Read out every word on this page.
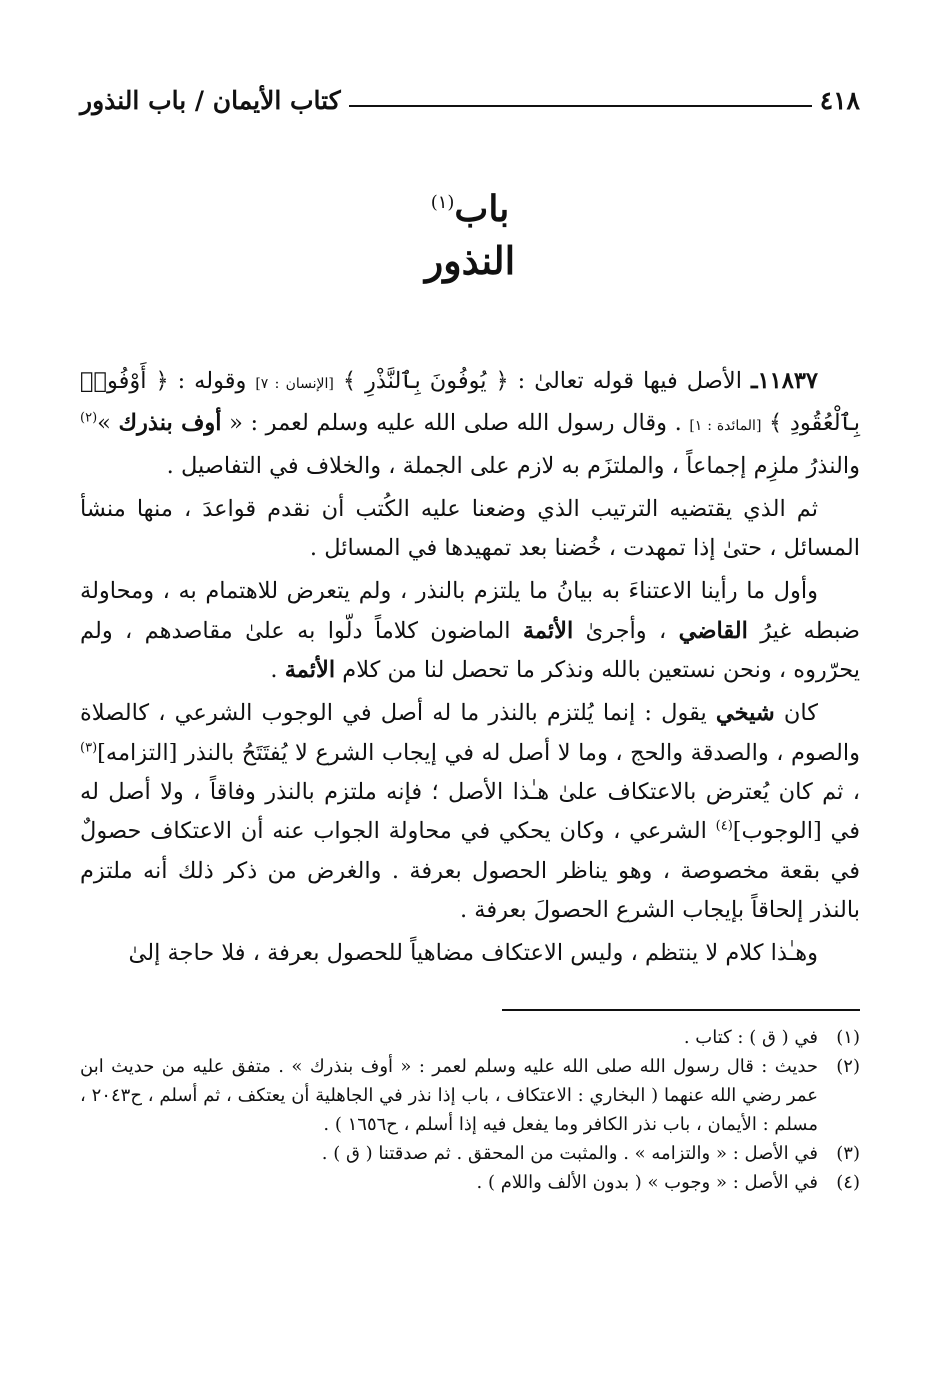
٤١٨
كتاب الأيمان / باب النذور
باب$^{(١)}$
النذور

١١٨٣٧ـ الأصل فيها قوله تعالىٰ : ﴿ يُوفُونَ بِٱلنَّذْرِ ﴾ [الإنسان : ٧] وقوله : ﴿ أَوْفُوا۟ بِٱلْعُقُودِ ﴾ [المائدة : ١] . وقال رسول الله صلى الله عليه وسلم لعمر : « أوف بنذرك »$^{(٢)}$ والنذرُ ملزِم إجماعاً ، والملتزَم به لازم على الجملة ، والخلاف في التفاصيل .

ثم الذي يقتضيه الترتيب الذي وضعنا عليه الكُتب أن نقدم قواعدَ ، منها منشأ المسائل ، حتىٰ إذا تمهدت ، خُضنا بعد تمهيدها في المسائل .

وأول ما رأينا الاعتناءَ به بيانُ ما يلتزم بالنذر ، ولم يتعرض للاهتمام به ، ومحاولة ضبطه غيرُ القاضي ، وأجرىٰ الأئمة الماضون كلاماً دلّوا به علىٰ مقاصدهم ، ولم يحرّروه ، ونحن نستعين بالله ونذكر ما تحصل لنا من كلام الأئمة .

كان شيخي يقول : إنما يُلتزم بالنذر ما له أصل في الوجوب الشرعي ، كالصلاة والصوم ، والصدقة والحج ، وما لا أصل له في إيجاب الشرع لا يُفتَتَحُ بالنذر [التزامه]$^{(٣)}$ ، ثم كان يُعترض بالاعتكاف علىٰ هـٰذا الأصل ؛ فإنه ملتزم بالنذر وفاقاً ، ولا أصل له في [الوجوب]$^{(٤)}$ الشرعي ، وكان يحكي في محاولة الجواب عنه أن الاعتكاف حصولٌ في بقعة مخصوصة ، وهو يناظر الحصول بعرفة . والغرض من ذكر ذلك أنه ملتزم بالنذر إلحاقاً بإيجاب الشرع الحصولَ بعرفة .

وهـٰذا كلام لا ينتظم ، وليس الاعتكاف مضاهياً للحصول بعرفة ، فلا حاجة إلىٰ

(١)
في ( ق ) : كتاب .
(٢)
حديث : قال رسول الله صلى الله عليه وسلم لعمر : « أوف بنذرك » . متفق عليه من حديث ابن عمر رضي الله عنهما ( البخاري : الاعتكاف ، باب إذا نذر في الجاهلية أن يعتكف ، ثم أسلم ، ح٢٠٤٣ ، مسلم : الأيمان ، باب نذر الكافر وما يفعل فيه إذا أسلم ، ح١٦٥٦ ) .
(٣)
في الأصل : « والتزامه » . والمثبت من المحقق . ثم صدقتنا ( ق ) .
(٤)
في الأصل : « وجوب » ( بدون الألف واللام ) .
